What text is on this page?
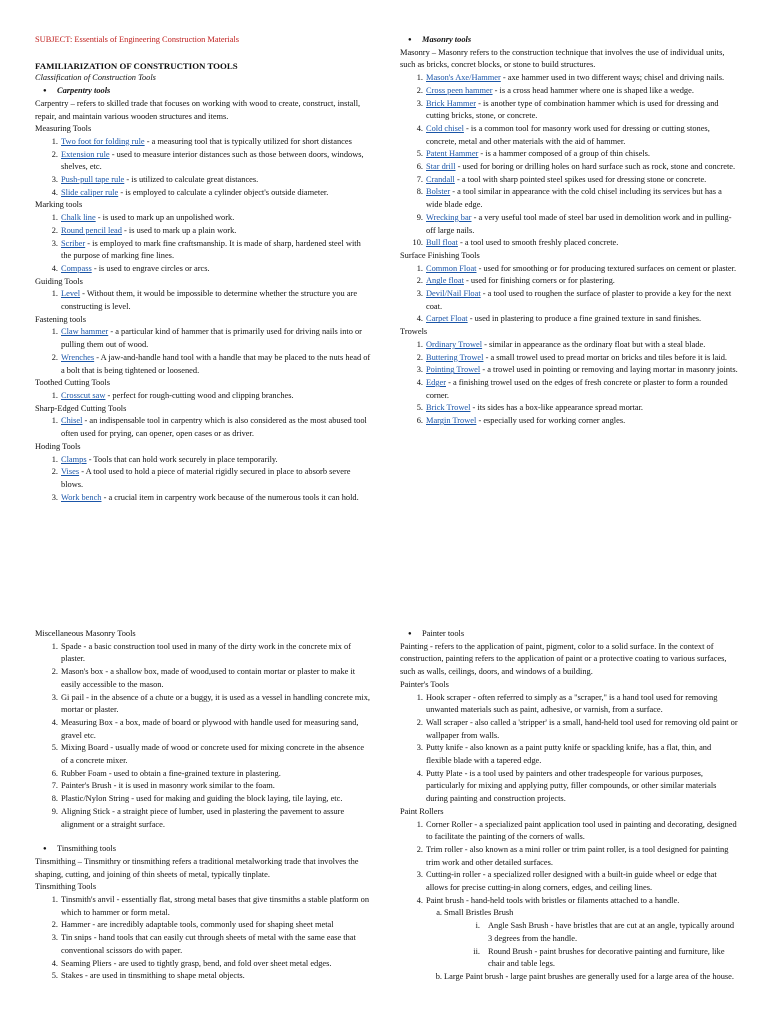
SUBJECT: Essentials of Engineering Construction Materials
FAMILIARIZATION OF CONSTRUCTION TOOLS
Classification of Construction Tools
● Carpentry tools
Carpentry – refers to skilled trade that focuses on working with wood to create, construct, install, repair, and maintain various wooden structures and items.
Measuring Tools
1. Two foot for folding rule - a measuring tool that is typically utilized for short distances
2. Extension rule - used to measure interior distances such as those between doors, windows, shelves, etc.
3. Push-pull tape rule - is utilized to calculate great distances.
4. Slide caliper rule - is employed to calculate a cylinder object's outside diameter.
Marking tools
1. Chalk line - is used to mark up an unpolished work.
2. Round pencil lead - is used to mark up a plain work.
3. Scriber - is employed to mark fine craftsmanship. It is made of sharp, hardened steel with the purpose of marking fine lines.
4. Compass - is used to engrave circles or arcs.
Guiding Tools
1. Level - Without them, it would be impossible to determine whether the structure you are constructing is level.
Fastening tools
1. Claw hammer - a particular kind of hammer that is primarily used for driving nails into or pulling them out of wood.
2. Wrenches - A jaw-and-handle hand tool with a handle that may be placed to the nuts head of a bolt that is being tightened or loosened.
Toothed Cutting Tools
1. Crosscut saw - perfect for rough-cutting wood and clipping branches.
Sharp-Edged Cutting Tools
1. Chisel - an indispensable tool in carpentry which is also considered as the most abused tool often used for prying, can opener, open cases or as driver.
Hoding Tools
1. Clamps - Tools that can hold work securely in place temporarily.
2. Vises - A tool used to hold a piece of material rigidly secured in place to absorb severe blows.
3. Work bench - a crucial item in carpentry work because of the numerous tools it can hold.
● Masonry tools
Masonry – Masonry refers to the construction technique that involves the use of individual units, such as bricks, concret blocks, or stone to build structures.
1. Mason's Axe/Hammer - axe hammer used in two different ways; chisel and driving nails.
2. Cross peen hammer - is a cross head hammer where one is shaped like a wedge.
3. Brick Hammer - is another type of combination hammer which is used for dressing and cutting bricks, stone, or concrete.
4. Cold chisel - is a common tool for masonry work used for dressing or cutting stones, concrete, metal and other materials with the aid of hammer.
5. Patent Hammer - is a hammer composed of a group of thin chisels.
6. Star drill - used for boring or drilling holes on hard surface such as rock, stone and concrete.
7. Crandall - a tool with sharp pointed steel spikes used for dressing stone or concrete.
8. Bolster - a tool similar in appearance with the cold chisel including its services but has a wide blade edge.
9. Wrecking bar - a very useful tool made of steel bar used in demolition work and in pulling-off large nails.
10. Bull float - a tool used to smooth freshly placed concrete.
Surface Finishing Tools
1. Common Float - used for smoothing or for producing textured surfaces on cement or plaster.
2. Angle float - used for finishing corners or for plastering.
3. Devil/Nail Float - a tool used to roughen the surface of plaster to provide a key for the next coat.
4. Carpet Float - used in plastering to produce a fine grained texture in sand finishes.
Trowels
1. Ordinary Trowel - similar in appearance as the ordinary float but with a steal blade.
2. Buttering Trowel - a small trowel used to pread mortar on bricks and tiles before it is laid.
3. Pointing Trowel - a trowel used in pointing or removing and laying mortar in masonry joints.
4. Edger - a finishing trowel used on the edges of fresh concrete or plaster to form a rounded corner.
5. Brick Trowel - its sides has a box-like appearance spread mortar.
6. Margin Trowel - especially used for working corner angles.
Miscellaneous Masonry Tools
1. Spade - a basic construction tool used in many of the dirty work in the concrete mix of plaster.
2. Mason's box - a shallow box, made of wood,used to contain mortar or plaster to make it easily accessible to the mason.
3. Gi pail - in the absence of a chute or a buggy, it is used as a vessel in handling concrete mix, mortar or plaster.
4. Measuring Box - a box, made of board or plywood with handle used for measuring sand, gravel etc.
5. Mixing Board - usually made of wood or concrete used for mixing concrete in the absence of a concrete mixer.
6. Rubber Foam - used to obtain a fine-grained texture in plastering.
7. Painter's Brush - it is used in masonry work similar to the foam.
8. Plastic/Nylon String - used for making and guiding the block laying, tile laying, etc.
9. Aligning Stick - a straight piece of lumber, used in plastering the pavement to assure alignment or a straight surface.
● Tinsmithing tools
Tinsmithing – Tinsmithry or tinsmithing refers a traditional metalworking trade that involves the shaping, cutting, and joining of thin sheets of metal, typically tinplate.
Tinsmithing Tools
1. Tinsmith's anvil - essentially flat, strong metal bases that give tinsmiths a stable platform on which to hammer or form metal.
2. Hammer - are incredibly adaptable tools, commonly used for shaping sheet metal
3. Tin snips - hand tools that can easily cut through sheets of metal with the same ease that conventional scissors do with paper.
4. Seaming Pliers - are used to tightly grasp, bend, and fold over sheet metal edges.
5. Stakes - are used in tinsmithing to shape metal objects.
● Painter tools
Painting - refers to the application of paint, pigment, color to a solid surface. In the context of construction, painting refers to the application of paint or a protective coating to various surfaces, such as walls, ceilings, doors, and windows of a building.
Painter's Tools
1. Hook scraper - often referred to simply as a "scraper," is a hand tool used for removing unwanted materials such as paint, adhesive, or varnish, from a surface.
2. Wall scraper - also called a 'stripper' is a small, hand-held tool used for removing old paint or wallpaper from walls.
3. Putty knife - also known as a paint putty knife or spackling knife, has a flat, thin, and flexible blade with a tapered edge.
4. Putty Plate - is a tool used by painters and other tradespeople for various purposes, particularly for mixing and applying putty, filler compounds, or other similar materials during painting and construction projects.
Paint Rollers
1. Corner Roller - a specialized paint application tool used in painting and decorating, designed to facilitate the painting of the corners of walls.
2. Trim roller - also known as a mini roller or trim paint roller, is a tool designed for painting trim work and other detailed surfaces.
3. Cutting-in roller - a specialized roller designed with a built-in guide wheel or edge that allows for precise cutting-in along corners, edges, and ceiling lines.
4. Paint brush - hand-held tools with bristles or filaments attached to a handle.
a. Small Bristles Brush
i. Angle Sash Brush - have bristles that are cut at an angle, typically around 3 degrees from the handle.
ii. Round Brush - paint brushes for decorative painting and furniture, like chair and table legs.
b. Large Paint brush - large paint brushes are generally used for a large area of the house.
